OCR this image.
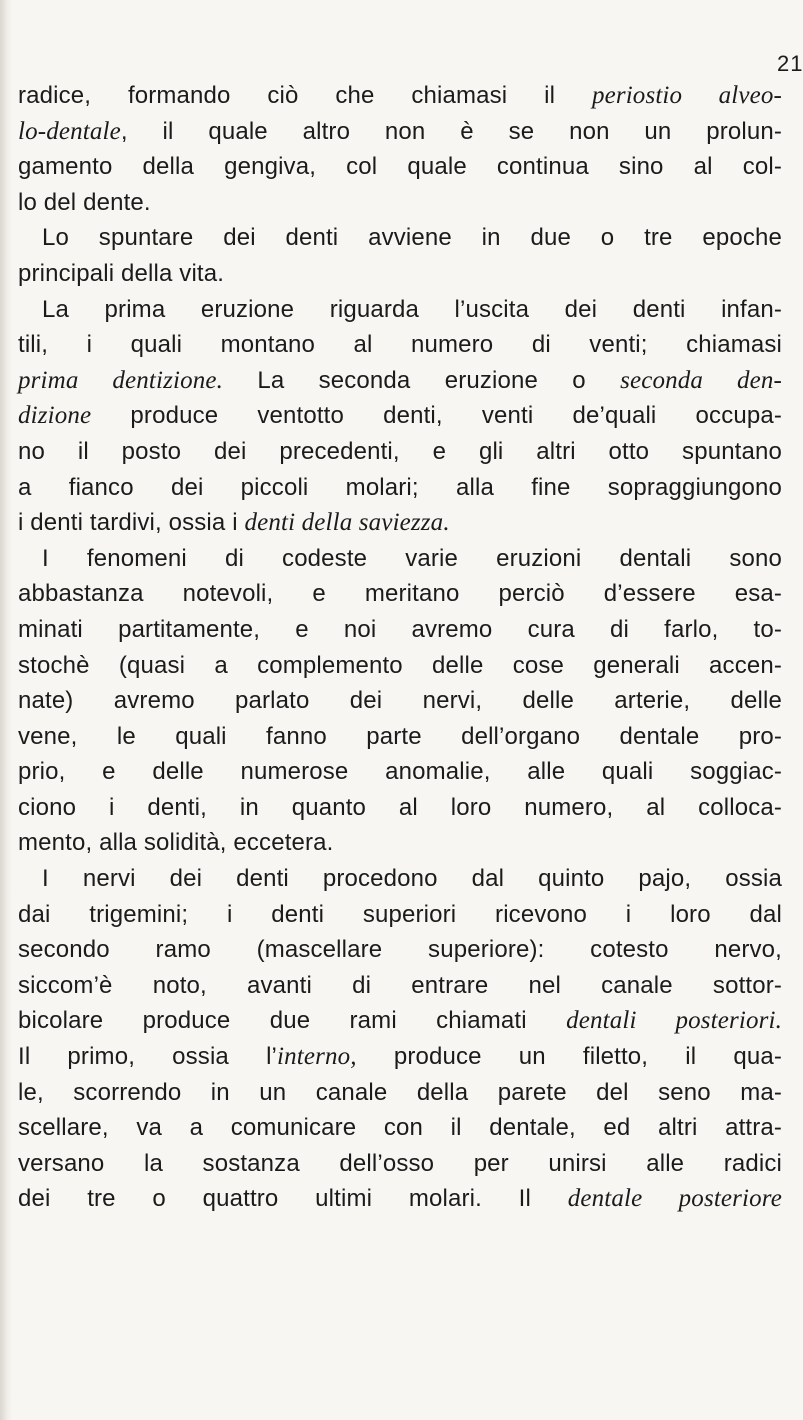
21
radice, formando ciò che chiamasi il periostio alveo-
lo-dentale, il quale altro non è se non un prolun-
gamento della gengiva, col quale continua sino al col-
lo del dente.
Lo spuntare dei denti avviene in due o tre epoche
principali della vita.
La prima eruzione riguarda l’uscita dei denti infan-
tili, i quali montano al numero di venti; chiamasi
prima dentizione. La seconda eruzione o seconda den-
dizione produce ventotto denti, venti de’quali occupa-
no il posto dei precedenti, e gli altri otto spuntano
a fianco dei piccoli molari; alla fine sopraggiungono
i denti tardivi, ossia i denti della saviezza.
I fenomeni di codeste varie eruzioni dentali sono
abbastanza notevoli, e meritano perciò d’essere esa-
minati partitamente, e noi avremo cura di farlo, to-
stochè (quasi a complemento delle cose generali accen-
nate) avremo parlato dei nervi, delle arterie, delle
vene, le quali fanno parte dell’organo dentale pro-
prio, e delle numerose anomalie, alle quali soggiac-
ciono i denti, in quanto al loro numero, al colloca-
mento, alla solidità, eccetera.
I nervi dei denti procedono dal quinto pajo, ossia
dai trigemini; i denti superiori ricevono i loro dal
secondo ramo (mascellare superiore): cotesto nervo,
siccom’è noto, avanti di entrare nel canale sottor-
bicolare produce due rami chiamati dentali posteriori.
Il primo, ossia l’interno, produce un filetto, il qua-
le, scorrendo in un canale della parete del seno ma-
scellare, va a comunicare con il dentale, ed altri attra-
versano la sostanza dell’osso per unirsi alle radici
dei tre o quattro ultimi molari. Il dentale posteriore
